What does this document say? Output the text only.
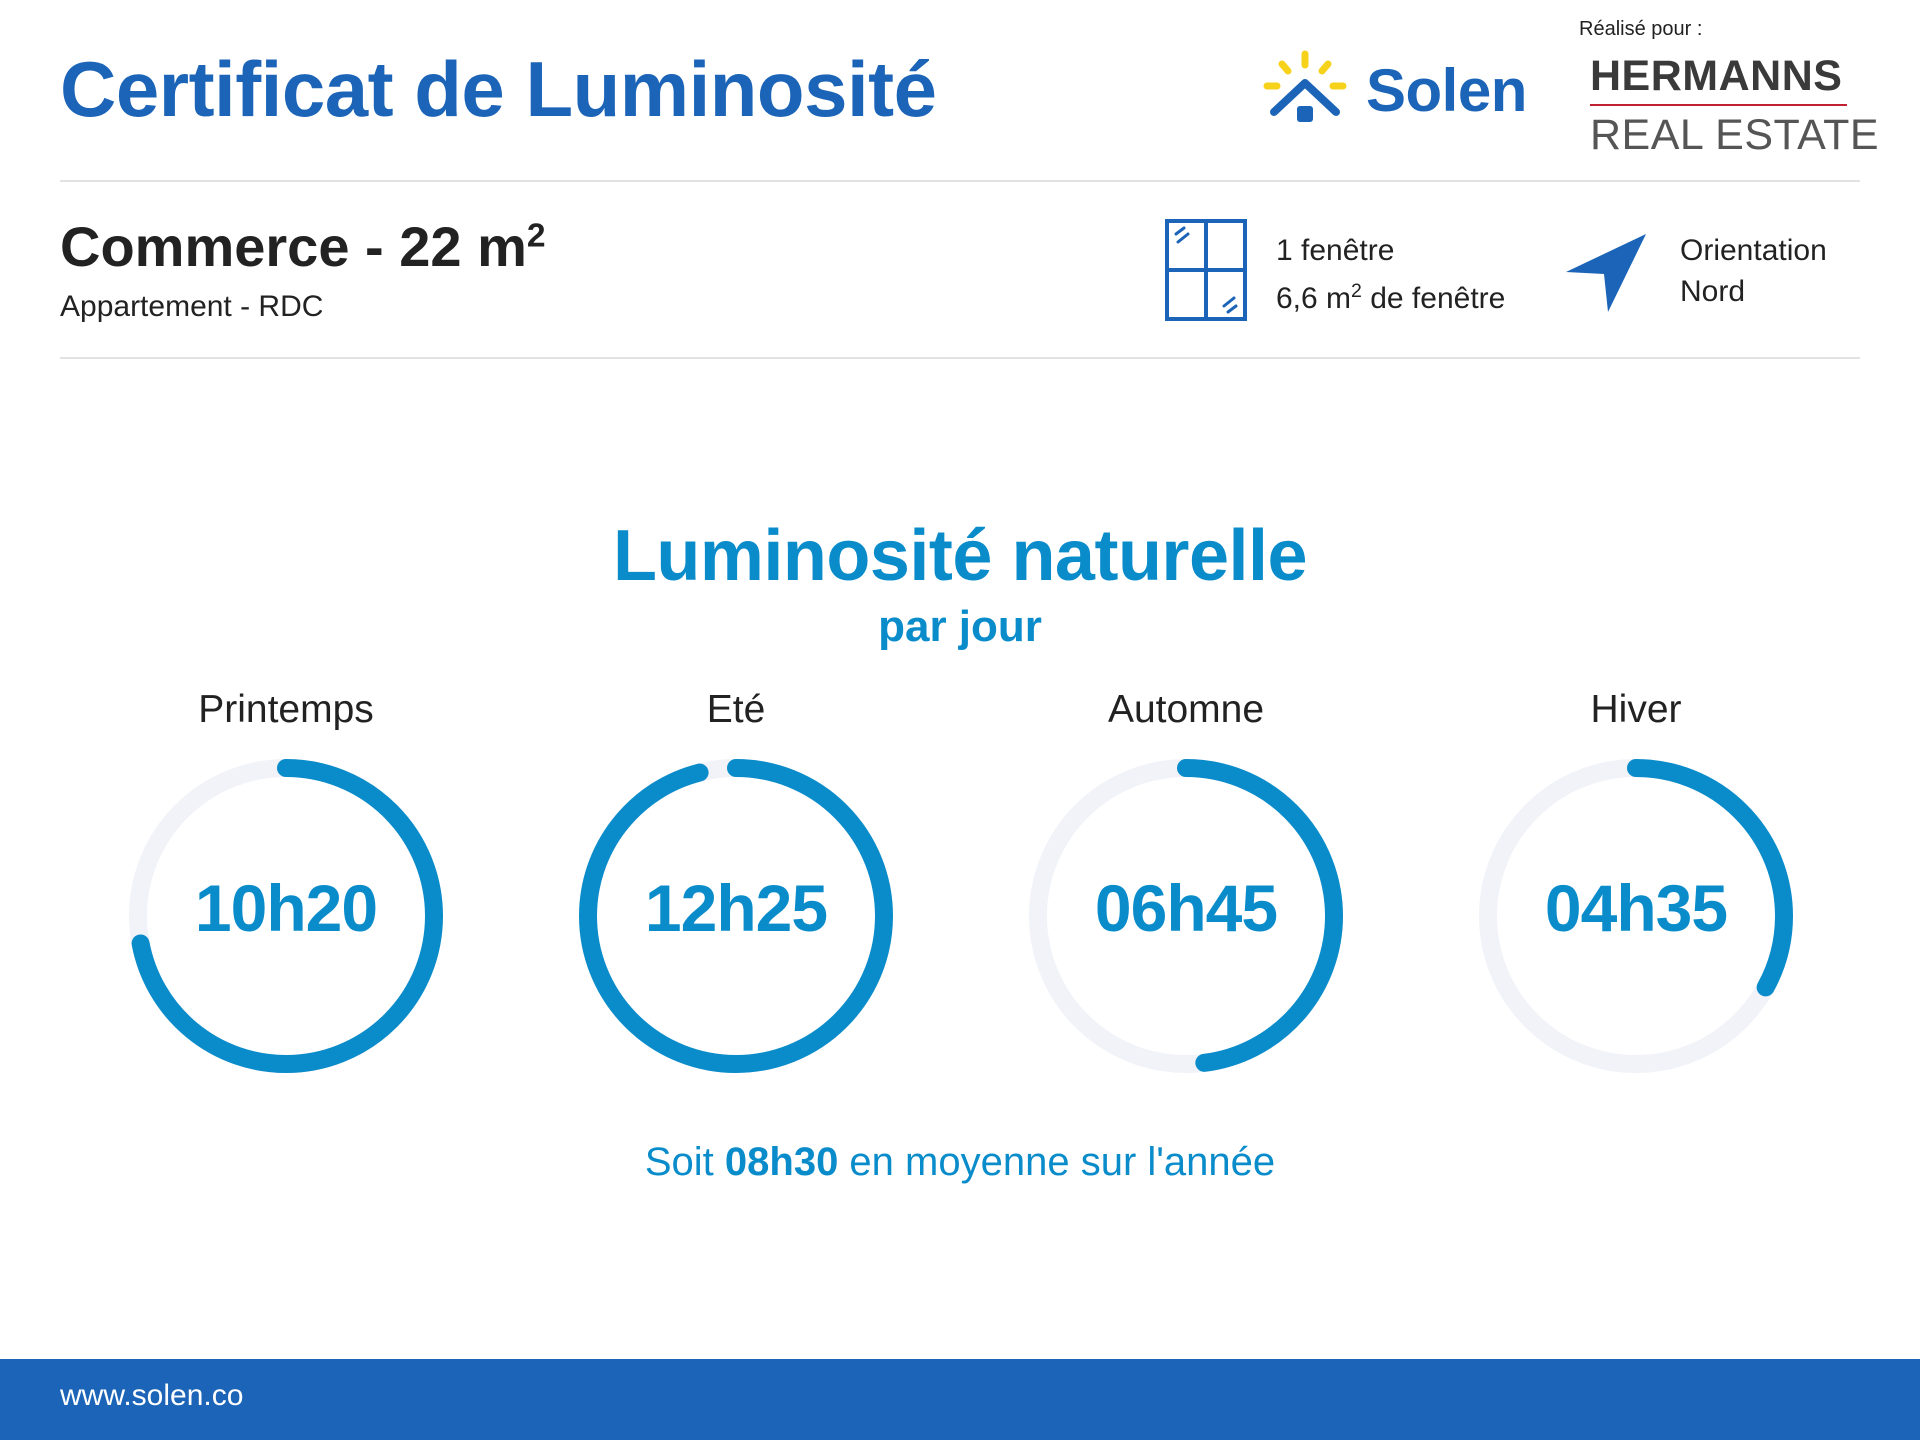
Certificat de Luminosité	Solen
Réalisé pour :
HERMANNS
REAL ESTATE
Commerce - 22 $m^2$
Appartement - RDC
1 fenêtre
6,6 $m^2$ de fenêtre
Orientation
Nord
Luminosité naturelle
par jour
Printemps
10h20
Eté
12h25
Automne
06h45
Hiver
04h35
Soit 08h30 en moyenne sur l'année
www.solen.co
